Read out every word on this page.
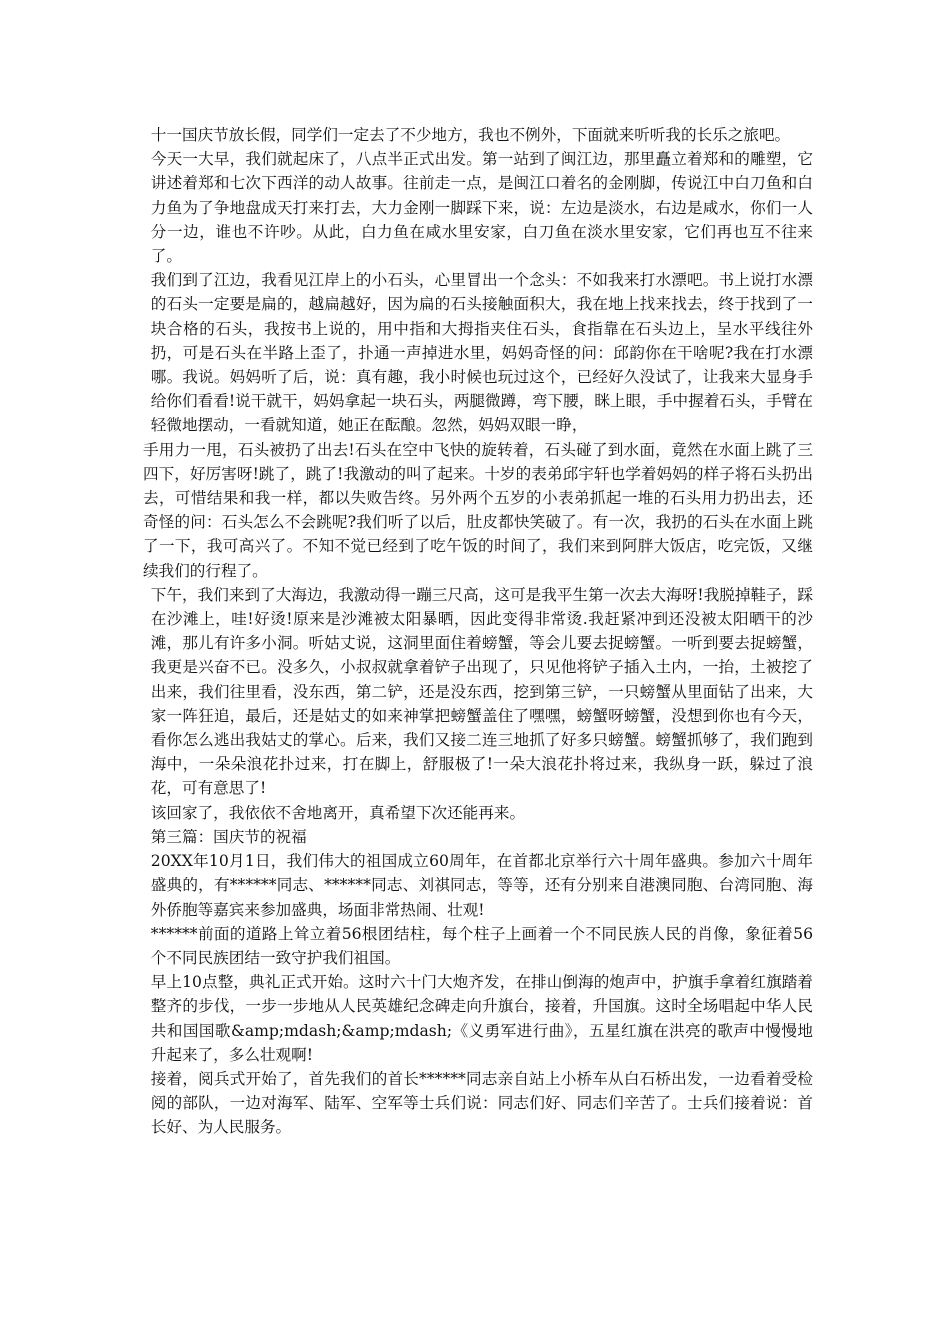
十一国庆节放长假，同学们一定去了不少地方，我也不例外，下面就来听听我的长乐之旅吧。

今天一大早，我们就起床了，八点半正式出发。第一站到了闽江边，那里矗立着郑和的雕塑，它讲述着郑和七次下西洋的动人故事。往前走一点，是闽江口着名的金刚脚，传说江中白刀鱼和白力鱼为了争地盘成天打来打去，大力金刚一脚踩下来，说：左边是淡水，右边是咸水，你们一人分一边，谁也不许吵。从此，白力鱼在咸水里安家，白刀鱼在淡水里安家，它们再也互不往来了。

我们到了江边，我看见江岸上的小石头，心里冒出一个念头：不如我来打水漂吧。书上说打水漂的石头一定要是扁的，越扁越好，因为扁的石头接触面积大，我在地上找来找去，终于找到了一块合格的石头，我按书上说的，用中指和大拇指夹住石头，食指靠在石头边上，呈水平线往外扔，可是石头在半路上歪了，扑通一声掉进水里，妈妈奇怪的问：邱韵你在干啥呢?我在打水漂哪。我说。妈妈听了后，说：真有趣，我小时候也玩过这个，已经好久没试了，让我来大显身手给你们看看!说干就干，妈妈拿起一块石头，两腿微蹲，弯下腰，眯上眼，手中握着石头，手臂在轻微地摆动，一看就知道，她正在酝酿。忽然，妈妈双眼一睁，

手用力一甩，石头被扔了出去!石头在空中飞快的旋转着，石头碰了到水面，竟然在水面上跳了三四下，好厉害呀!跳了，跳了!我激动的叫了起来。十岁的表弟邱宇轩也学着妈妈的样子将石头扔出去，可惜结果和我一样，都以失败告终。另外两个五岁的小表弟抓起一堆的石头用力扔出去，还奇怪的问：石头怎么不会跳呢?我们听了以后，肚皮都快笑破了。有一次，我扔的石头在水面上跳了一下，我可高兴了。不知不觉已经到了吃午饭的时间了，我们来到阿胖大饭店，吃完饭，又继续我们的行程了。

下午，我们来到了大海边，我激动得一蹦三尺高，这可是我平生第一次去大海呀!我脱掉鞋子，踩在沙滩上，哇!好烫!原来是沙滩被太阳暴晒，因此变得非常烫.我赶紧冲到还没被太阳晒干的沙滩，那儿有许多小洞。听姑丈说，这洞里面住着螃蟹，等会儿要去捉螃蟹。一听到要去捉螃蟹，我更是兴奋不已。没多久，小叔叔就拿着铲子出现了，只见他将铲子插入土内，一抬，土被挖了出来，我们往里看，没东西，第二铲，还是没东西，挖到第三铲，一只螃蟹从里面钻了出来，大家一阵狂追，最后，还是姑丈的如来神掌把螃蟹盖住了嘿嘿，螃蟹呀螃蟹，没想到你也有今天，看你怎么逃出我姑丈的掌心。后来，我们又接二连三地抓了好多只螃蟹。螃蟹抓够了，我们跑到海中，一朵朵浪花扑过来，打在脚上，舒服极了!一朵大浪花扑将过来，我纵身一跃，躲过了浪花，可有意思了!

该回家了，我依依不舍地离开，真希望下次还能再来。

第三篇：国庆节的祝福

20XX年10月1日，我们伟大的祖国成立60周年，在首都北京举行六十周年盛典。参加六十周年盛典的，有******同志、******同志、刘祺同志，等等，还有分别来自港澳同胞、台湾同胞、海外侨胞等嘉宾来参加盛典，场面非常热闹、壮观!

******前面的道路上耸立着56根团结柱，每个柱子上画着一个不同民族人民的肖像，象征着56个不同民族团结一致守护我们祖国。

早上10点整，典礼正式开始。这时六十门大炮齐发，在排山倒海的炮声中，护旗手拿着红旗踏着整齐的步伐，一步一步地从人民英雄纪念碑走向升旗台，接着，升国旗。这时全场唱起中华人民共和国国歌&amp;mdash;&amp;mdash;《义勇军进行曲》，五星红旗在洪亮的歌声中慢慢地升起来了，多么壮观啊!

接着，阅兵式开始了，首先我们的首长******同志亲自站上小桥车从白石桥出发，一边看着受检阅的部队，一边对海军、陆军、空军等士兵们说：同志们好、同志们辛苦了。士兵们接着说：首长好、为人民服务。
